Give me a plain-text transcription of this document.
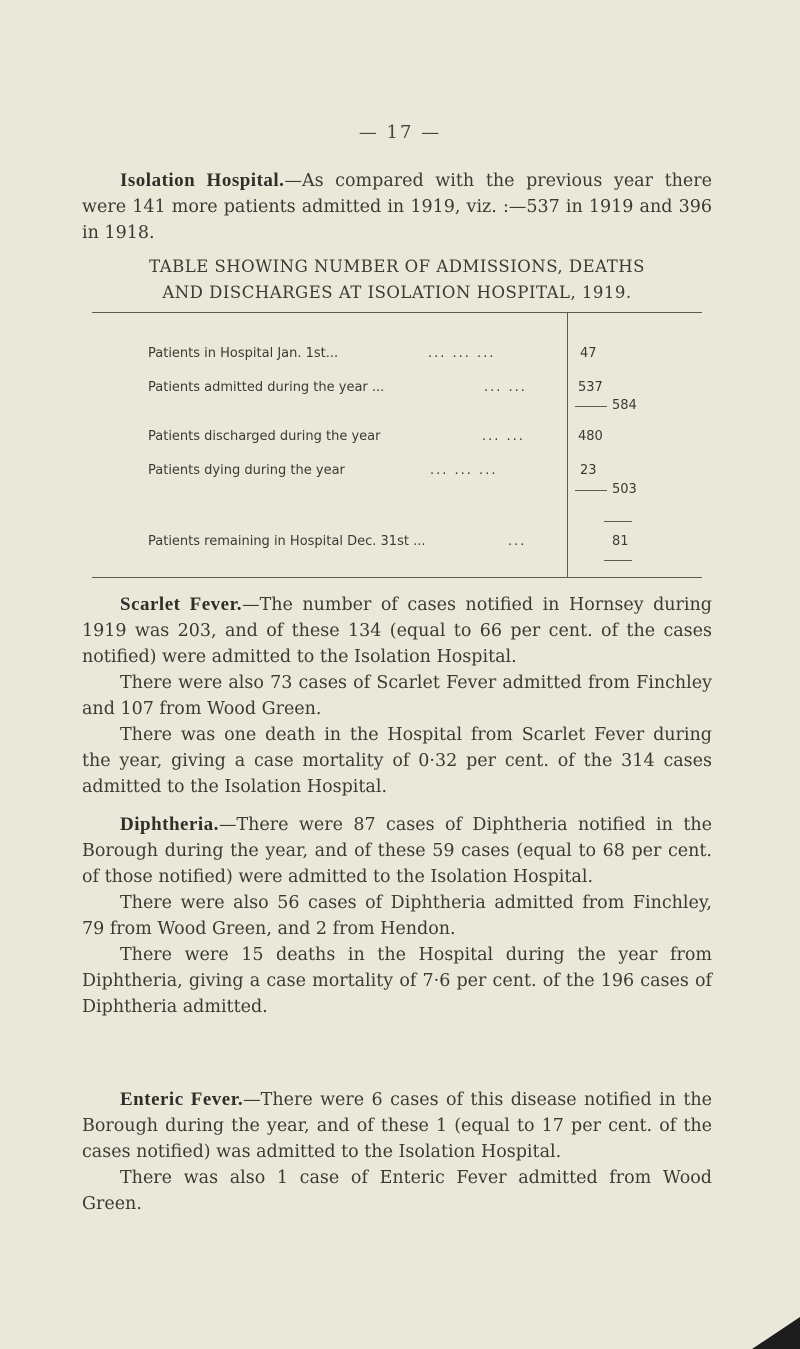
— 17 —
Isolation Hospital.—As compared with the previous year there were 141 more patients admitted in 1919, viz. :—537 in 1919 and 396 in 1918.
TABLE SHOWING NUMBER OF ADMISSIONS, DEATHS
AND DISCHARGES AT ISOLATION HOSPITAL, 1919.
Patients in Hospital Jan. 1st...	... ... ...	47
Patients admitted during the year ...	... ...	537
584
Patients discharged during the year	... ...	480
Patients dying during the year	... ... ...	23
503
Patients remaining in Hospital Dec. 31st ...	...	81
Scarlet Fever.—The number of cases notified in Hornsey during 1919 was 203, and of these 134 (equal to 66 per cent. of the cases notified) were admitted to the Isolation Hospital.
There were also 73 cases of Scarlet Fever admitted from Finchley and 107 from Wood Green.
There was one death in the Hospital from Scarlet Fever during the year, giving a case mortality of 0·32 per cent. of the 314 cases admitted to the Isolation Hospital.
Diphtheria.—There were 87 cases of Diphtheria notified in the Borough during the year, and of these 59 cases (equal to 68 per cent. of those notified) were admitted to the Isolation Hospital.
There were also 56 cases of Diphtheria admitted from Finchley, 79 from Wood Green, and 2 from Hendon.
There were 15 deaths in the Hospital during the year from Diphtheria, giving a case mortality of 7·6 per cent. of the 196 cases of Diphtheria admitted.
Enteric Fever.—There were 6 cases of this disease notified in the Borough during the year, and of these 1 (equal to 17 per cent. of the cases notified) was admitted to the Isolation Hospital.
There was also 1 case of Enteric Fever admitted from Wood Green.
